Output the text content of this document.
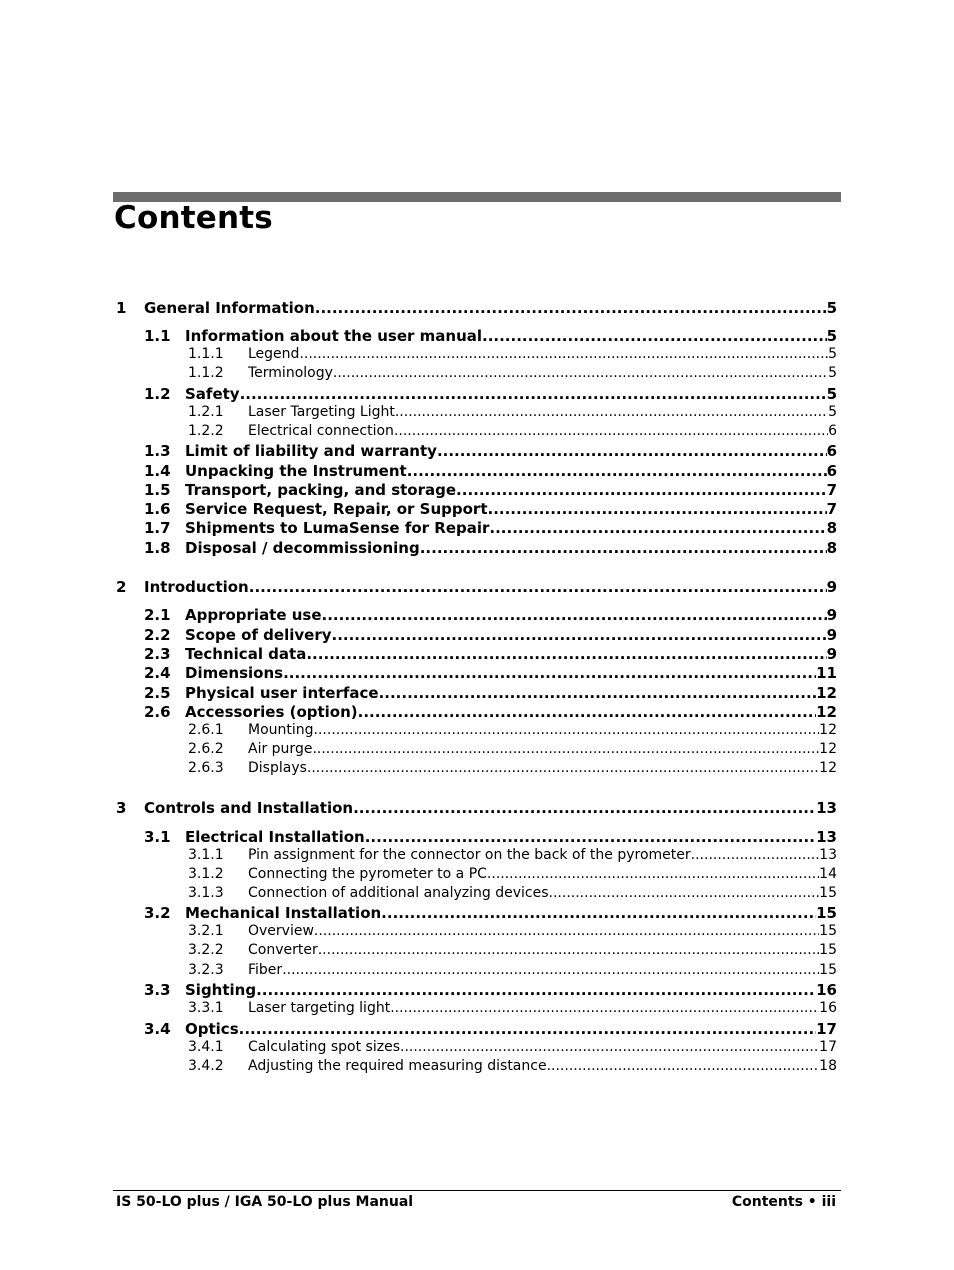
Contents
1	General Information .....	5
1.1 Information about the user manual .....	5
1.1.1	Legend .....	5
1.1.2	Terminology .....	5
1.2 Safety .....	5
1.2.1	Laser Targeting Light .....	5
1.2.2	Electrical connection .....	6
1.3 Limit of liability and warranty .....	6
1.4 Unpacking the Instrument .....	6
1.5 Transport, packing, and storage .....	7
1.6 Service Request, Repair, or Support .....	7
1.7 Shipments to LumaSense for Repair .....	8
1.8 Disposal / decommissioning .....	8
2	Introduction .....	9
2.1 Appropriate use .....	9
2.2 Scope of delivery .....	9
2.3 Technical data .....	9
2.4 Dimensions .....	11
2.5 Physical user interface .....	12
2.6 Accessories (option) .....	12
2.6.1	Mounting .....	12
2.6.2	Air purge .....	12
2.6.3	Displays .....	12
3	Controls and Installation .....	13
3.1 Electrical Installation .....	13
3.1.1	Pin assignment for the connector on the back of the pyrometer .....	13
3.1.2	Connecting the pyrometer to a PC .....	14
3.1.3	Connection of additional analyzing devices .....	15
3.2 Mechanical Installation .....	15
3.2.1	Overview .....	15
3.2.2	Converter .....	15
3.2.3	Fiber .....	15
3.3 Sighting .....	16
3.3.1	Laser targeting light .....	16
3.4 Optics .....	17
3.4.1	Calculating spot sizes .....	17
3.4.2	Adjusting the required measuring distance .....	18
IS 50-LO plus / IGA 50-LO plus Manual	Contents • iii
